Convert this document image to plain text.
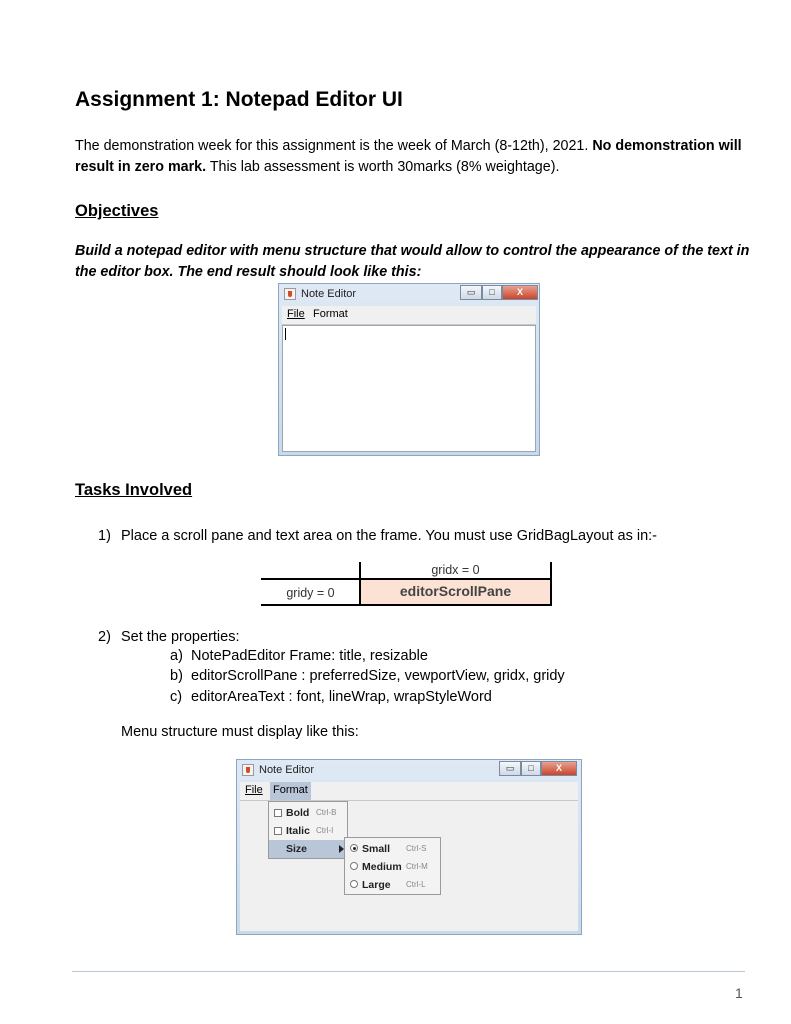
Assignment 1: Notepad Editor UI
The demonstration week for this assignment is the week of March (8-12th), 2021. No demonstration will result in zero mark. This lab assessment is worth 30marks (8% weightage).
Objectives
Build a notepad editor with menu structure that would allow to control the appearance of the text in the editor box. The end result should look like this:
Note Editor	▭	□	X
File Format
Tasks Involved
1) Place a scroll pane and text area on the frame. You must use GridBagLayout as in:-
gridx = 0
gridy = 0	editorScrollPane
2) Set the properties:
a) NotePadEditor Frame: title, resizable
b) editorScrollPane : preferredSize, vewportView, gridx, gridy
c) editorAreaText : font, lineWrap, wrapStyleWord
Menu structure must display like this:
Note Editor	▭	□	X
File Format
Bold Ctrl-B
Italic Ctrl-I
Size	Small Ctrl-S
Medium Ctrl-M
Large Ctrl-L
1
